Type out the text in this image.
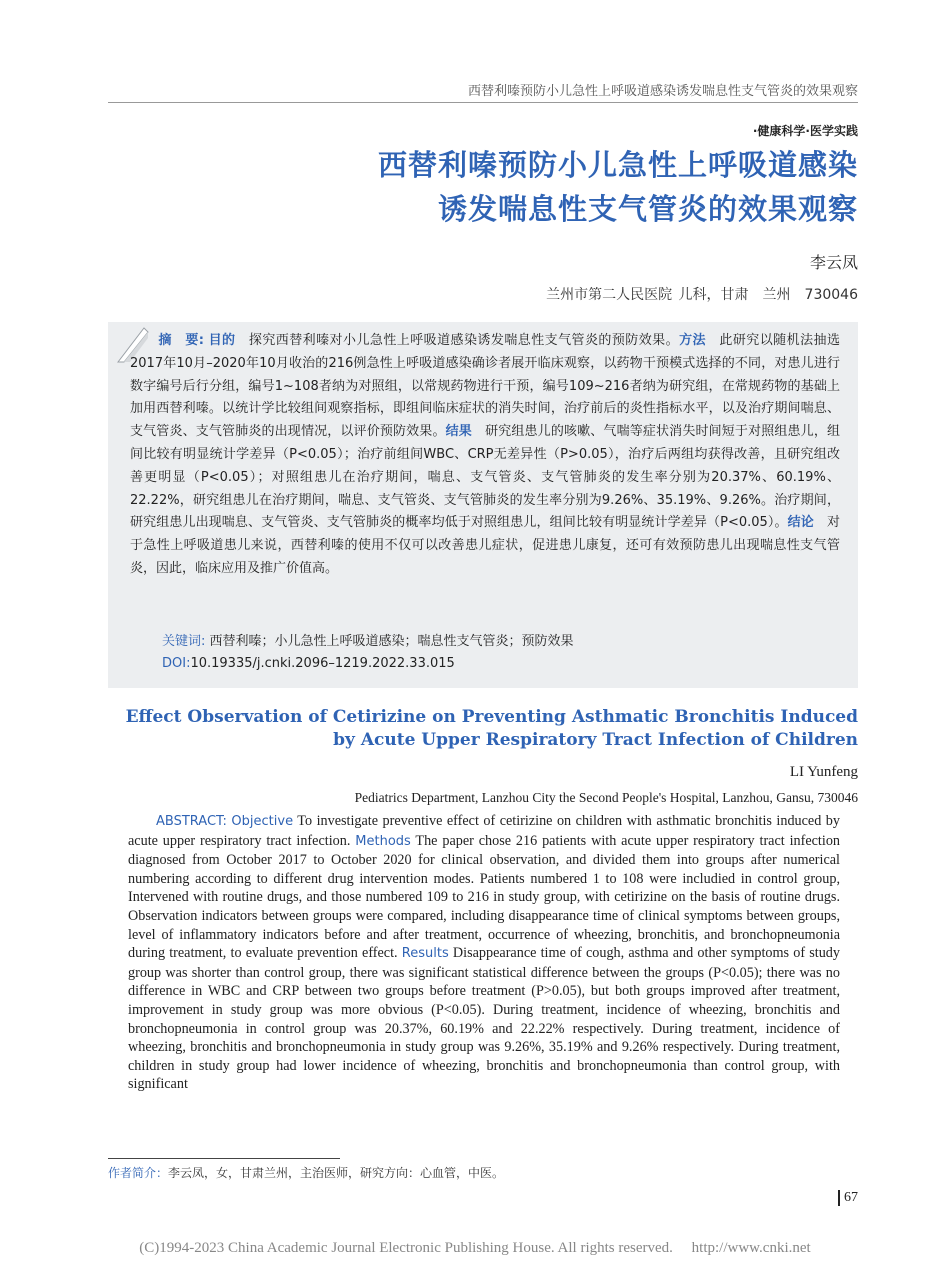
西替利嗪预防小儿急性上呼吸道感染诱发喘息性支气管炎的效果观察
·健康科学·医学实践
西替利嗪预防小儿急性上呼吸道感染
诱发喘息性支气管炎的效果观察
李云凤
兰州市第二人民医院 儿科，甘肃　兰州　730046
摘　要: 目的　探究西替利嗪对小儿急性上呼吸道感染诱发喘息性支气管炎的预防效果。方法　此研究以随机法抽选2017年10月–2020年10月收治的216例急性上呼吸道感染确诊者展开临床观察，以药物干预模式选择的不同，对患儿进行数字编号后行分组，编号1~108者纳为对照组，以常规药物进行干预，编号109~216者纳为研究组，在常规药物的基础上加用西替利嗪。以统计学比较组间观察指标，即组间临床症状的消失时间，治疗前后的炎性指标水平，以及治疗期间喘息、支气管炎、支气管肺炎的出现情况，以评价预防效果。结果　研究组患儿的咳嗽、气喘等症状消失时间短于对照组患儿，组间比较有明显统计学差异（P<0.05）；治疗前组间WBC、CRP无差异性（P>0.05），治疗后两组均获得改善，且研究组改善更明显（P<0.05）；对照组患儿在治疗期间，喘息、支气管炎、支气管肺炎的发生率分别为20.37%、60.19%、22.22%，研究组患儿在治疗期间，喘息、支气管炎、支气管肺炎的发生率分别为9.26%、35.19%、9.26%。治疗期间，研究组患儿出现喘息、支气管炎、支气管肺炎的概率均低于对照组患儿，组间比较有明显统计学差异（P<0.05）。结论　对于急性上呼吸道患儿来说，西替利嗪的使用不仅可以改善患儿症状，促进患儿康复，还可有效预防患儿出现喘息性支气管炎，因此，临床应用及推广价值高。
关键词: 西替利嗪；小儿急性上呼吸道感染；喘息性支气管炎；预防效果
DOI:10.19335/j.cnki.2096–1219.2022.33.015
Effect Observation of Cetirizine on Preventing Asthmatic Bronchitis Induced
by Acute Upper Respiratory Tract Infection of Children
LI Yunfeng
Pediatrics Department, Lanzhou City the Second People's Hospital, Lanzhou, Gansu, 730046
ABSTRACT: Objective To investigate preventive effect of cetirizine on children with asthmatic bronchitis induced by acute upper respiratory tract infection. Methods The paper chose 216 patients with acute upper respiratory tract infection diagnosed from October 2017 to October 2020 for clinical observation, and divided them into groups after numerical numbering according to different drug intervention modes. Patients numbered 1 to 108 were includied in control group, Intervened with routine drugs, and those numbered 109 to 216 in study group, with cetirizine on the basis of routine drugs. Observation indicators between groups were compared, including disappearance time of clinical symptoms between groups, level of inflammatory indicators before and after treatment, occurrence of wheezing, bronchitis, and bronchopneumonia during treatment, to evaluate prevention effect. Results Disappearance time of cough, asthma and other symptoms of study group was shorter than control group, there was significant statistical difference between the groups (P<0.05); there was no difference in WBC and CRP between two groups before treatment (P>0.05), but both groups improved after treatment, improvement in study group was more obvious (P<0.05). During treatment, incidence of wheezing, bronchitis and bronchopneumonia in control group was 20.37%, 60.19% and 22.22% respectively. During treatment, incidence of wheezing, bronchitis and bronchopneumonia in study group was 9.26%, 35.19% and 9.26% respectively. During treatment, children in study group had lower incidence of wheezing, bronchitis and bronchopneumonia than control group, with significant
作者简介：李云凤，女，甘肃兰州，主治医师，研究方向：心血管，中医。
67
(C)1994-2023 China Academic Journal Electronic Publishing House. All rights reserved.　 http://www.cnki.net
